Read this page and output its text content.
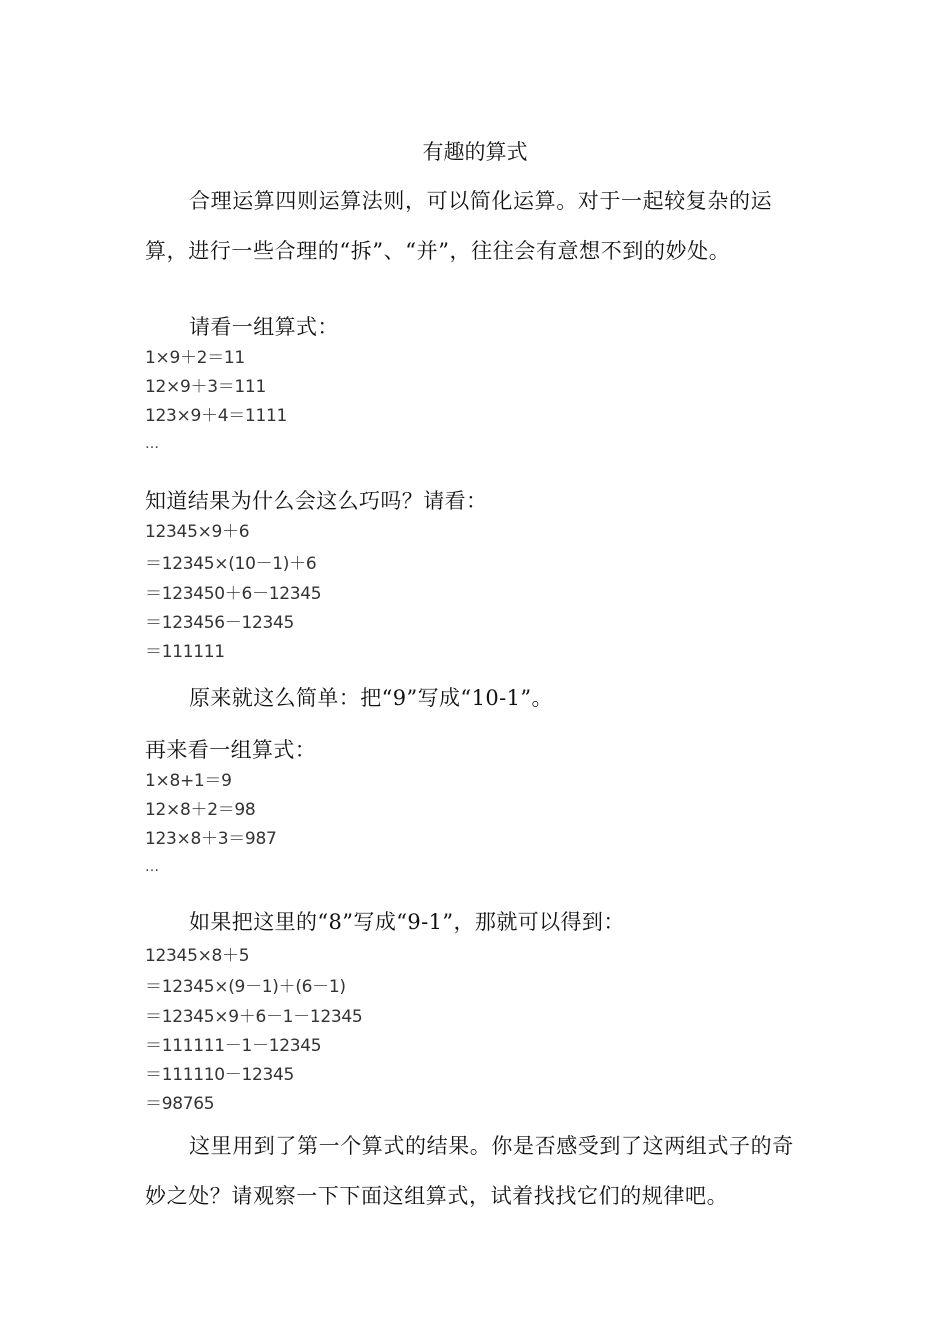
有趣的算式
合理运算四则运算法则，可以简化运算。对于一起较复杂的运算，进行一些合理的“拆”、“并”，往往会有意想不到的妙处。
请看一组算式：
1×9＋2＝11
12×9＋3＝111
123×9＋4＝1111
…
知道结果为什么会这么巧吗？请看：
12345×9＋6
＝12345×(10－1)＋6
＝123450＋6－12345
＝123456－12345
＝111111
原来就这么简单：把“9”写成“10-1”。
再来看一组算式：
1×8+1＝9
12×8＋2＝98
123×8＋3＝987
…
如果把这里的“8”写成“9-1”，那就可以得到：
12345×8＋5
＝12345×(9－1)＋(6－1)
＝12345×9＋6－1－12345
＝111111－1－12345
＝111110－12345
＝98765
这里用到了第一个算式的结果。你是否感受到了这两组式子的奇妙之处？请观察一下下面这组算式，试着找找它们的规律吧。
